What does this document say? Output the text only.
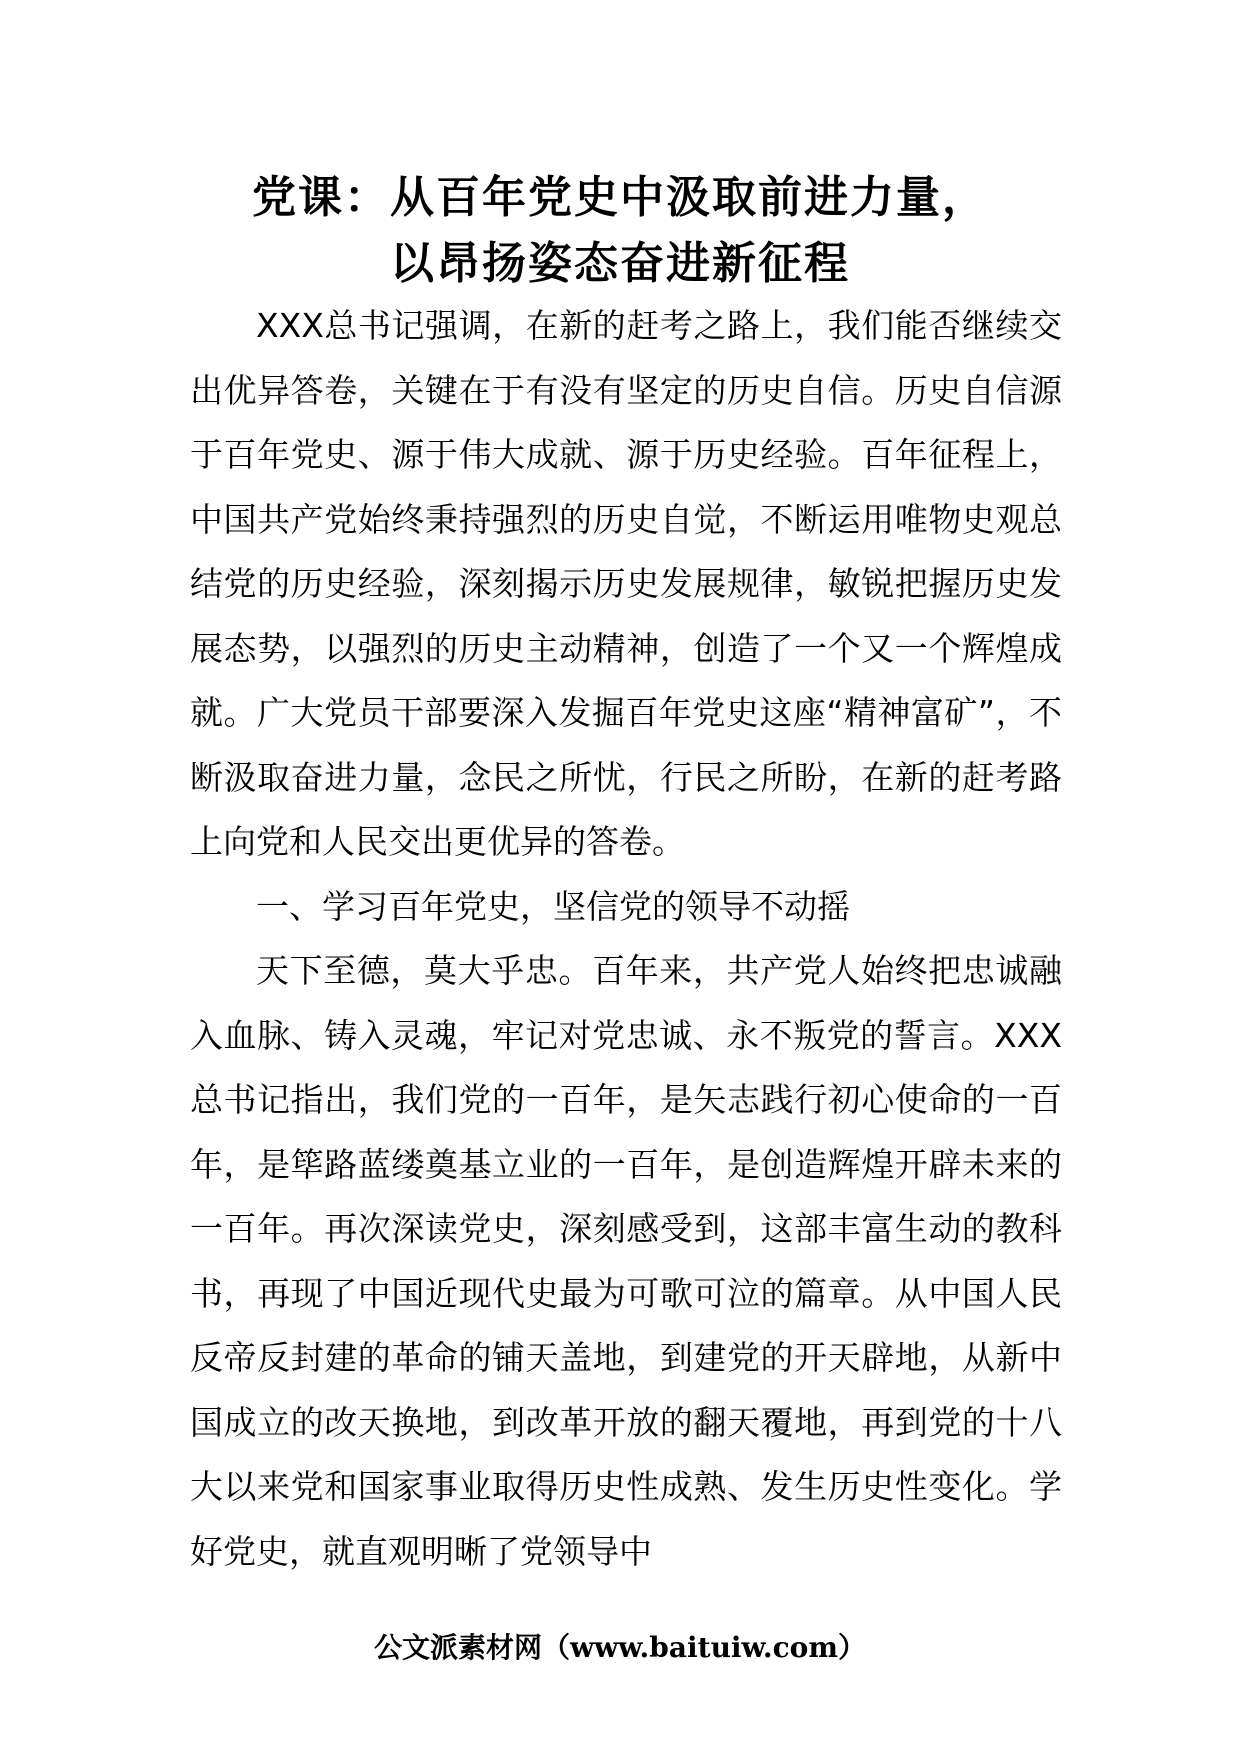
党课：从百年党史中汲取前进力量，
以昂扬姿态奋进新征程

XXX总书记强调，在新的赶考之路上，我们能否继续交出优异答卷，关键在于有没有坚定的历史自信。历史自信源于百年党史、源于伟大成就、源于历史经验。百年征程上，中国共产党始终秉持强烈的历史自觉，不断运用唯物史观总结党的历史经验，深刻揭示历史发展规律，敏锐把握历史发展态势，以强烈的历史主动精神，创造了一个又一个辉煌成就。广大党员干部要深入发掘百年党史这座“精神富矿”，不断汲取奋进力量，念民之所忧，行民之所盼，在新的赶考路上向党和人民交出更优异的答卷。

一、学习百年党史，坚信党的领导不动摇

天下至德，莫大乎忠。百年来，共产党人始终把忠诚融入血脉、铸入灵魂，牢记对党忠诚、永不叛党的誓言。XXX总书记指出，我们党的一百年，是矢志践行初心使命的一百年，是筚路蓝缕奠基立业的一百年，是创造辉煌开辟未来的一百年。再次深读党史，深刻感受到，这部丰富生动的教科书，再现了中国近现代史最为可歌可泣的篇章。从中国人民反帝反封建的革命的铺天盖地，到建党的开天辟地，从新中国成立的改天换地，到改革开放的翻天覆地，再到党的十八大以来党和国家事业取得历史性成熟、发生历史性变化。学好党史，就直观明晰了党领导中

公文派素材网（www.baituiw.com）
